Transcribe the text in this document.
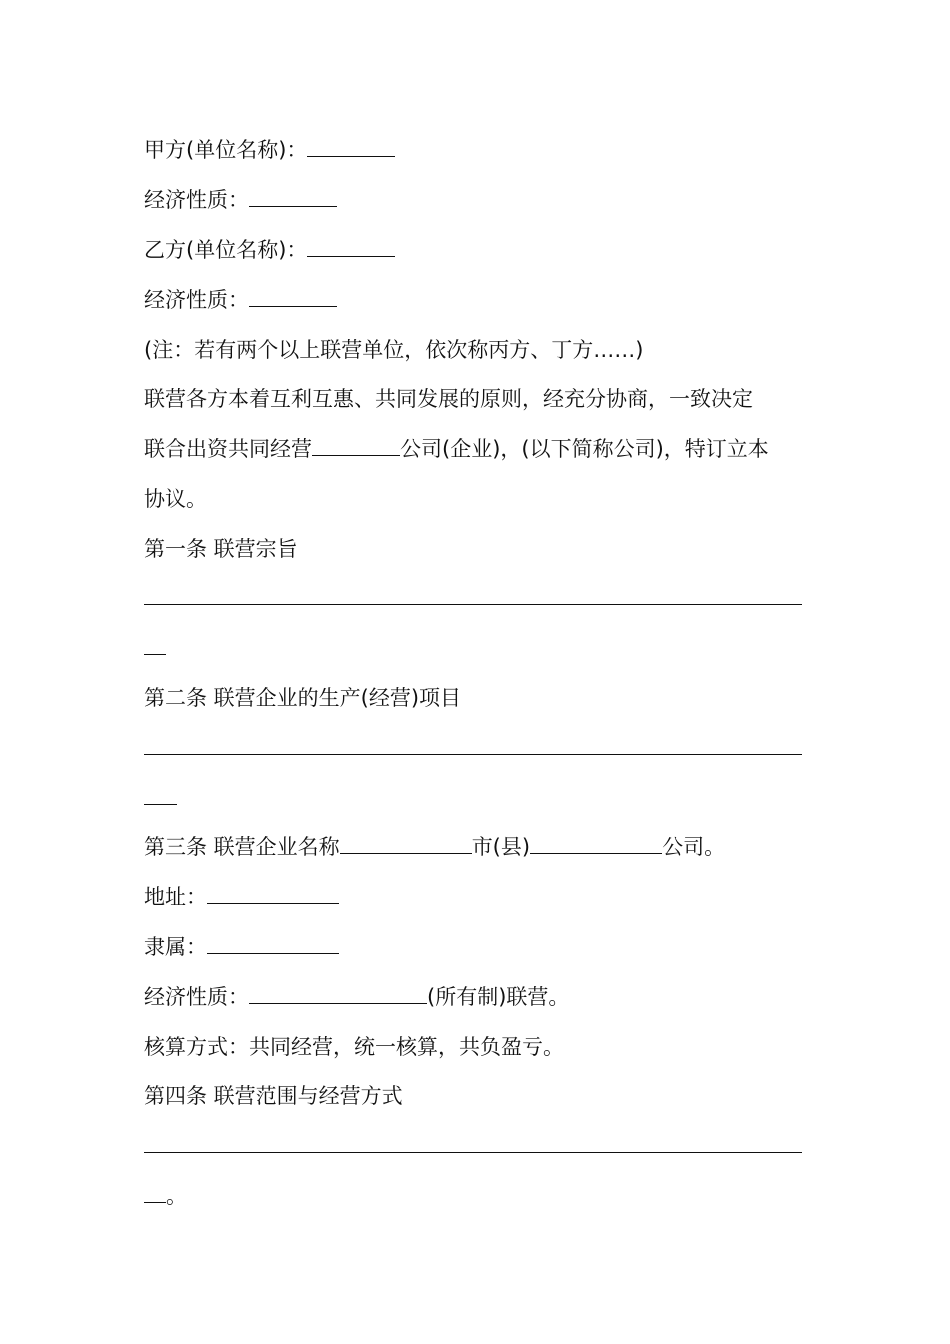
甲方(单位名称)：
经济性质：
乙方(单位名称)：
经济性质：
(注：若有两个以上联营单位，依次称丙方、丁方……)
联营各方本着互利互惠、共同发展的原则，经充分协商，一致决定
联合出资共同经营	公司(企业)，(以下简称公司)，特订立本
协议。
第一条 联营宗旨
第二条 联营企业的生产(经营)项目
第三条 联营企业名称	市(县)	公司。
地址：
隶属：
经济性质：	(所有制)联营。
核算方式：共同经营，统一核算，共负盈亏。
第四条 联营范围与经营方式
。
